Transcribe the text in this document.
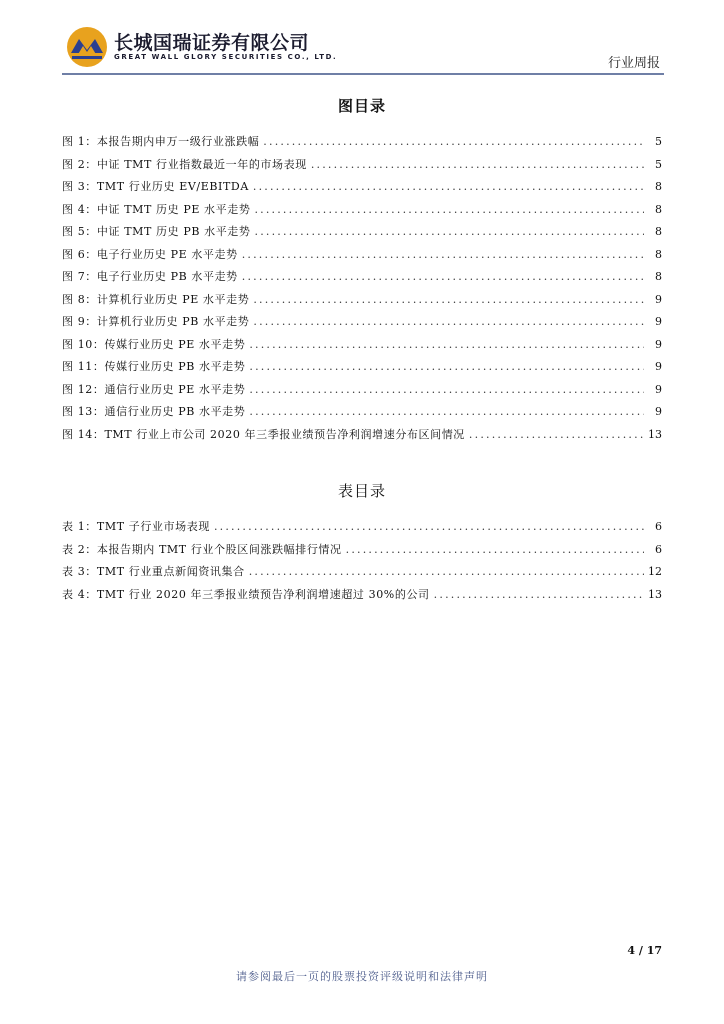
长城国瑞证券有限公司
GREAT WALL GLORY SECURITIES CO., LTD.	行业周报
图目录
图 1：本报告期内申万一级行业涨跌幅 .....	5
图 2：中证 TMT 行业指数最近一年的市场表现 .....	5
图 3：TMT 行业历史 EV/EBITDA .....	8
图 4：中证 TMT 历史 PE 水平走势 .....	8
图 5：中证 TMT 历史 PB 水平走势 .....	8
图 6：电子行业历史 PE 水平走势 .....	8
图 7：电子行业历史 PB 水平走势 .....	8
图 8：计算机行业历史 PE 水平走势 .....	9
图 9：计算机行业历史 PB 水平走势 .....	9
图 10：传媒行业历史 PE 水平走势 .....	9
图 11：传媒行业历史 PB 水平走势 .....	9
图 12：通信行业历史 PE 水平走势 .....	9
图 13：通信行业历史 PB 水平走势 .....	9
图 14：TMT 行业上市公司 2020 年三季报业绩预告净利润增速分布区间情况 .....	13
表目录
表 1：TMT 子行业市场表现 .....	6
表 2：本报告期内 TMT 行业个股区间涨跌幅排行情况 .....	6
表 3：TMT 行业重点新闻资讯集合 .....	12
表 4：TMT 行业 2020 年三季报业绩预告净利润增速超过 30%的公司 .....	13
4 / 17
请参阅最后一页的股票投资评级说明和法律声明
